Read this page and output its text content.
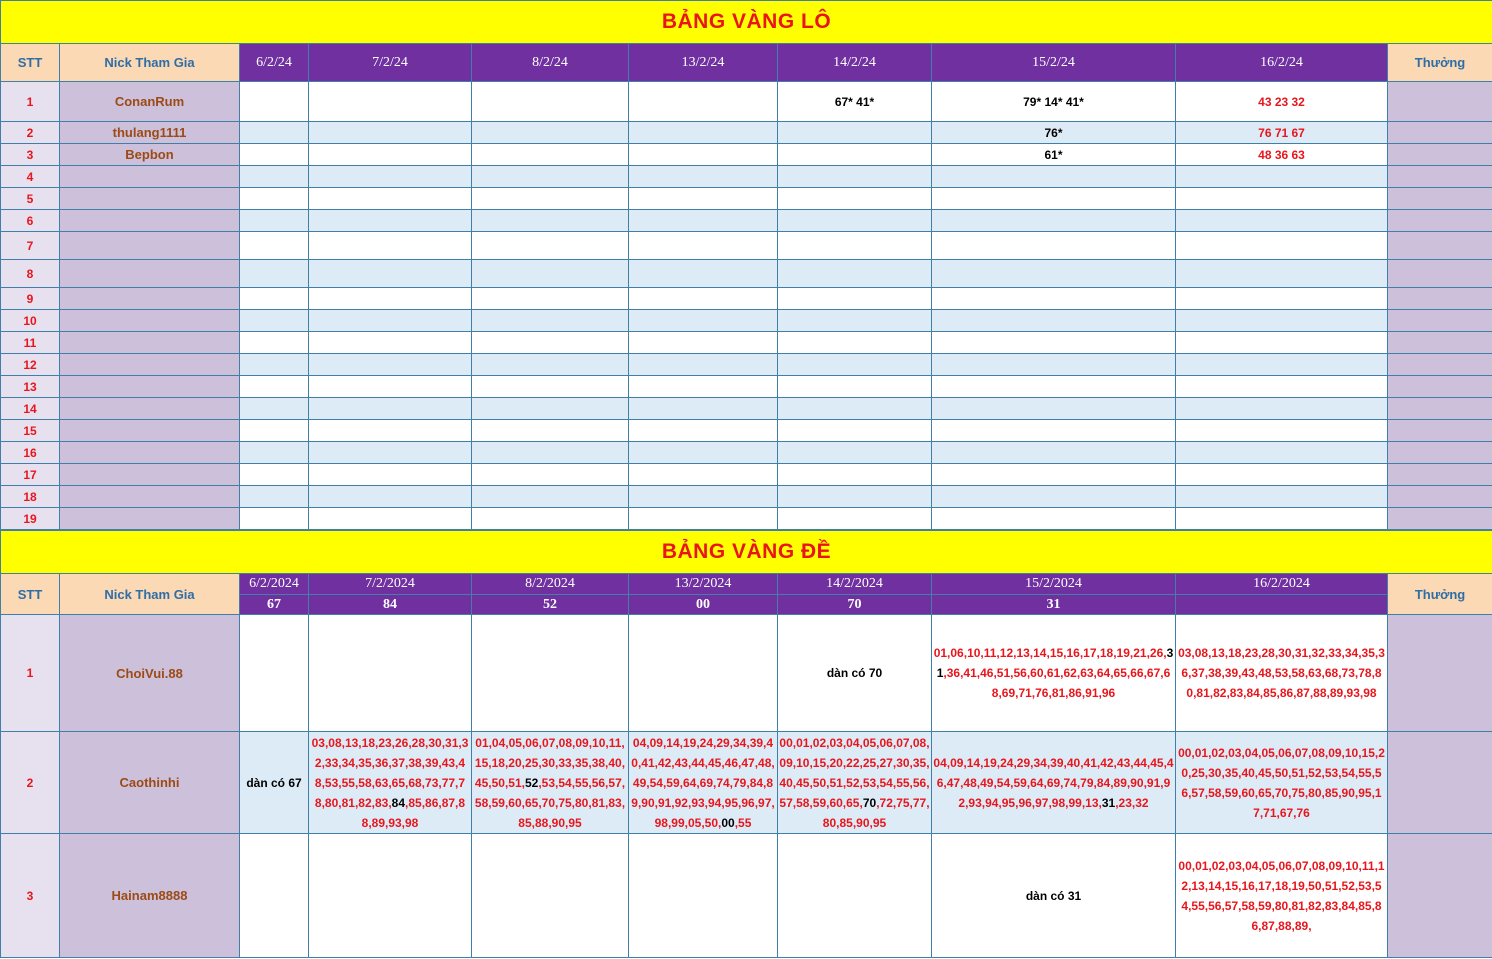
BẢNG VÀNG LÔ									
STT	Nick Tham Gia	6/2/24	7/2/24	8/2/24	13/2/24	14/2/24	15/2/24	16/2/24	Thưởng
1	ConanRum					67* 41*	79* 14* 41*	43 23 32	
2	thulang1111						76*	76 71 67	
3	Bepbon						61*	48 36 63	
4									
5									
6									
7									
8									
9									
10									
11									
12									
13									
14									
15									
16									
17									
18									
19									
BẢNG VÀNG ĐỀ									
STT	Nick Tham Gia	6/2/2024	7/2/2024	8/2/2024	13/2/2024	14/2/2024	15/2/2024	16/2/2024	Thưởng
		67	84	52	00	70	31		
1	ChoiVui.88					dàn có 70	01,06,10,11,12,13,14,15,16,17,18,19,21,26,31,36,41,46,51,56,60,61,62,63,64,65,66,67,68,69,71,76,81,86,91,96	03,08,13,18,23,28,30,31,32,33,34,35,36,37,38,39,43,48,53,58,63,68,73,78,80,81,82,83,84,85,86,87,88,89,93,98	
2	Caothinhi	dàn có 67	03,08,13,18,23,26,28,30,31,32,33,34,35,36,37,38,39,43,48,53,55,58,63,65,68,73,77,78,80,81,82,83,84,85,86,87,88,89,93,98	01,04,05,06,07,08,09,10,11,15,18,20,25,30,33,35,38,40,45,50,51,52,53,54,55,56,57,58,59,60,65,70,75,80,81,83,85,88,90,95	04,09,14,19,24,29,34,39,40,41,42,43,44,45,46,47,48,49,54,59,64,69,74,79,84,89,90,91,92,93,94,95,96,97,98,99,05,50,00,55	00,01,02,03,04,05,06,07,08,09,10,15,20,22,25,27,30,35,40,45,50,51,52,53,54,55,56,57,58,59,60,65,70,72,75,77,80,85,90,95	04,09,14,19,24,29,34,39,40,41,42,43,44,45,46,47,48,49,54,59,64,69,74,79,84,89,90,91,92,93,94,95,96,97,98,99,13,31,23,32	00,01,02,03,04,05,06,07,08,09,10,15,20,25,30,35,40,45,50,51,52,53,54,55,56,57,58,59,60,65,70,75,80,85,90,95,17,71,67,76	
3	Hainam8888						dàn có 31	00,01,02,03,04,05,06,07,08,09,10,11,12,13,14,15,16,17,18,19,50,51,52,53,54,55,56,57,58,59,80,81,82,83,84,85,86,87,88,89,	
